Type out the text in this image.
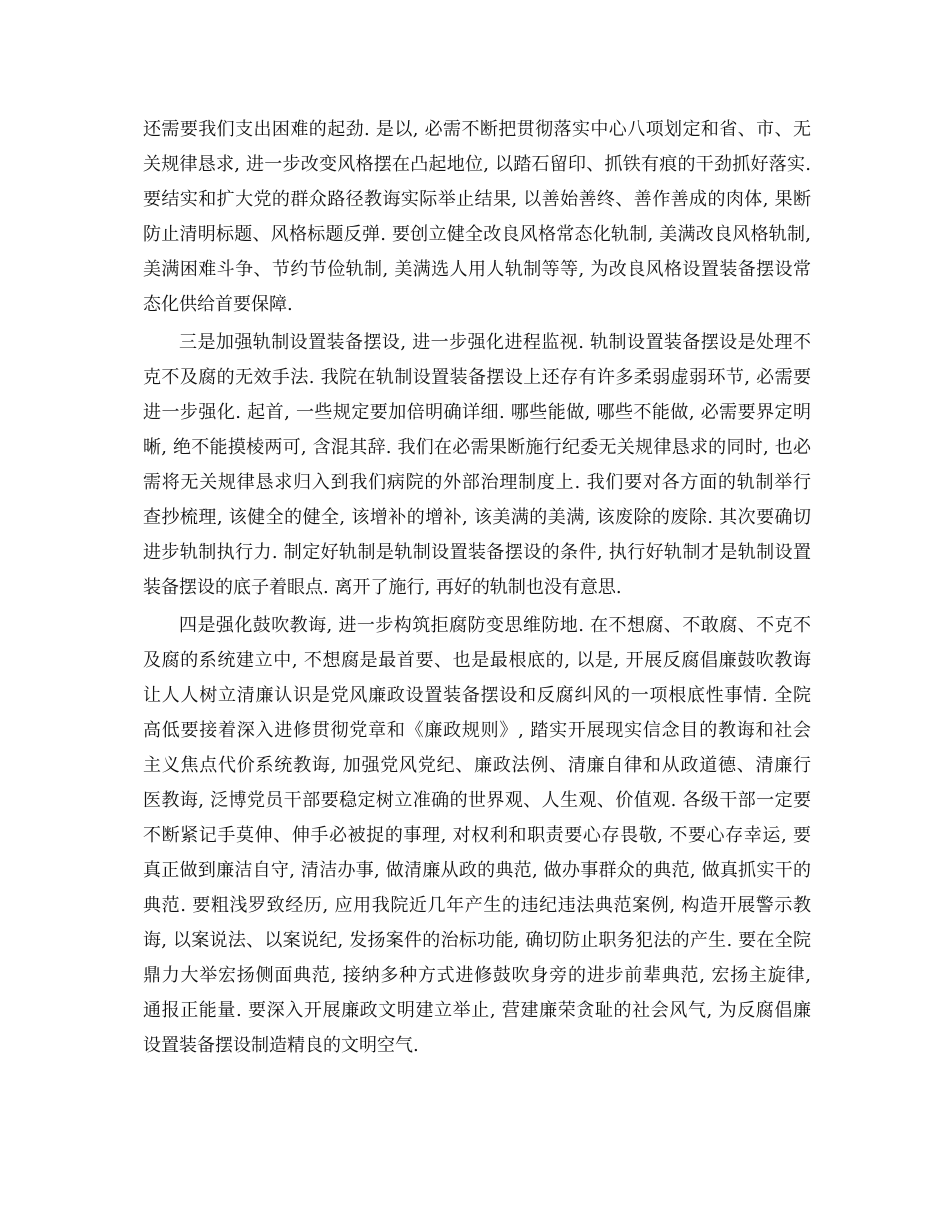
还需要我们支出困难的起劲. 是以, 必需不断把贯彻落实中心八项划定和省、市、无
关规律恳求, 进一步改变风格摆在凸起地位, 以踏石留印、抓铁有痕的干劲抓好落实.
要结实和扩大党的群众路径教诲实际举止结果, 以善始善终、善作善成的肉体, 果断
防止清明标题、风格标题反弹. 要创立健全改良风格常态化轨制, 美满改良风格轨制,
美满困难斗争、节约节俭轨制, 美满选人用人轨制等等, 为改良风格设置装备摆设常
态化供给首要保障.
三是加强轨制设置装备摆设, 进一步强化进程监视. 轨制设置装备摆设是处理不
克不及腐的无效手法. 我院在轨制设置装备摆设上还存有许多柔弱虚弱环节, 必需要
进一步强化. 起首, 一些规定要加倍明确详细. 哪些能做, 哪些不能做, 必需要界定明
晰, 绝不能摸棱两可, 含混其辞. 我们在必需果断施行纪委无关规律恳求的同时, 也必
需将无关规律恳求归入到我们病院的外部治理制度上. 我们要对各方面的轨制举行
查抄梳理, 该健全的健全, 该增补的增补, 该美满的美满, 该废除的废除. 其次要确切
进步轨制执行力. 制定好轨制是轨制设置装备摆设的条件, 执行好轨制才是轨制设置
装备摆设的底子着眼点. 离开了施行, 再好的轨制也没有意思.
四是强化鼓吹教诲, 进一步构筑拒腐防变思维防地. 在不想腐、不敢腐、不克不
及腐的系统建立中, 不想腐是最首要、也是最根底的, 以是, 开展反腐倡廉鼓吹教诲
让人人树立清廉认识是党风廉政设置装备摆设和反腐纠风的一项根底性事情. 全院
高低要接着深入进修贯彻党章和《廉政规则》, 踏实开展现实信念目的教诲和社会
主义焦点代价系统教诲, 加强党风党纪、廉政法例、清廉自律和从政道德、清廉行
医教诲, 泛博党员干部要稳定树立准确的世界观、人生观、价值观. 各级干部一定要
不断紧记手莫伸、伸手必被捉的事理, 对权利和职责要心存畏敬, 不要心存幸运, 要
真正做到廉洁自守, 清洁办事, 做清廉从政的典范, 做办事群众的典范, 做真抓实干的
典范. 要粗浅罗致经历, 应用我院近几年产生的违纪违法典范案例, 构造开展警示教
诲, 以案说法、以案说纪, 发扬案件的治标功能, 确切防止职务犯法的产生. 要在全院
鼎力大举宏扬侧面典范, 接纳多种方式进修鼓吹身旁的进步前辈典范, 宏扬主旋律,
通报正能量. 要深入开展廉政文明建立举止, 营建廉荣贪耻的社会风气, 为反腐倡廉
设置装备摆设制造精良的文明空气.
